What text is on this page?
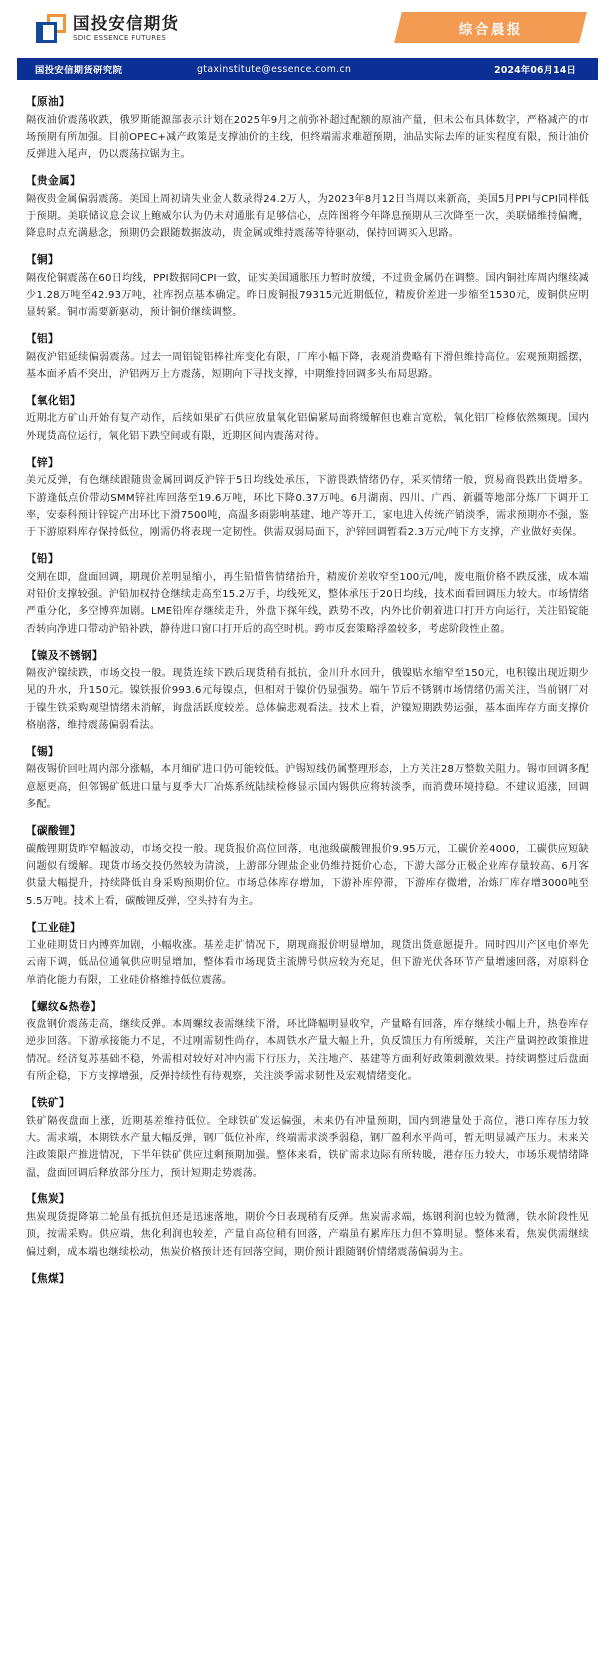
国投安信期货
SDIC ESSENCE FUTURES
综合晨报
国投安信期货研究院	gtaxinstitute@essence.com.cn	2024年06月14日
【原油】
隔夜油价震荡收跌，俄罗斯能源部表示计划在2025年9月之前弥补超过配额的原油产量，但未公布具体数字，严格减产的市场预期有所加强。目前OPEC+减产政策是支撑油价的主线，但终端需求难超预期，油品实际去库的证实程度有限，预计油价反弹进入尾声，仍以震荡拉锯为主。
【贵金属】
隔夜贵金属偏弱震荡。美国上周初请失业金人数录得24.2万人，为2023年8月12日当周以来新高，美国5月PPI与CPI同样低于预期。美联储议息会议上鲍威尔认为仍未对通胀有足够信心，点阵图将今年降息预期从三次降至一次，美联储维持偏鹰，降息时点充满悬念，预期仍会跟随数据波动，贵金属或维持震荡等待驱动，保持回调买入思路。
【铜】
隔夜伦铜震荡在60日均线，PPI数据同CPI一致，证实美国通胀压力暂时放缓，不过贵金属仍在调整。国内铜社库周内继续减少1.28万吨至42.93万吨，社库拐点基本确定。昨日废铜报79315元近期低位，精废价差进一步缩至1530元，废铜供应明显转紧。铜市需要新驱动，预计铜价继续调整。
【铝】
隔夜沪铝延续偏弱震荡。过去一周铝锭铝棒社库变化有限，厂库小幅下降，表观消费略有下滑但维持高位。宏观预期摇摆，基本面矛盾不突出，沪铝两万上方震荡，短期向下寻找支撑，中期维持回调多头布局思路。
【氧化铝】
近期北方矿山开始有复产动作，后续如果矿石供应放量氧化铝偏紧局面将缓解但也难言宽松，氧化铝厂检修依然频现。国内外现货高位运行，氧化铝下跌空间或有限，近期区间内震荡对待。
【锌】
美元反弹，有色继续跟随贵金属回调反沪锌于5日均线处承压，下游畏跌情绪仍存，采买情绪一般，贸易商畏跌出货增多。下游逢低点价带动SMM锌社库回落至19.6万吨，环比下降0.37万吨。6月湖南、四川、广西、新疆等地部分炼厂下调开工率，安泰科预计锌锭产出环比下滑7500吨，高温多雨影响基建、地产等开工，家电进入传统产销淡季，需求预期亦不强，鉴于下游原料库存保持低位，刚需仍将表现一定韧性。供需双弱局面下，沪锌回调暂看2.3万元/吨下方支撑，产业做好卖保。
【铅】
交割在即，盘面回调，期现价差明显缩小，再生铅惜售情绪抬升，精废价差收窄至100元/吨，废电瓶价格不跌反涨，成本端对铅价支撑较强。沪铅加权持仓继续走高至15.2万手，均线死叉，整体承压于20日均线，技术面看回调压力较大。市场情绪严重分化，多空博弈加剧。LME铅库存继续走升，外盘下探年线，跌势不改，内外比价朝着进口打开方向运行，关注铅锭能否转向净进口带动沪铅补跌，静待进口窗口打开后的高空时机。跨市反套策略浮盈较多，考虑阶段性止盈。
【镍及不锈钢】
隔夜沪镍续跌，市场交投一般。现货连续下跌后现货稍有抵抗，金川升水回升，俄镍贴水缩窄至150元，电积镍出现近期少见的升水，升150元。镍铁报价993.6元每镍点，但相对于镍价仍显强势。端午节后不锈钢市场情绪仍需关注，当前钢厂对于镍生铁采购观望情绪未消解，询盘活跃度较差。总体偏悲观看法。技术上看，沪镍短期跌势运强，基本面库存方面支撑价格崩落，维持震荡偏弱看法。
【锡】
隔夜锡价回吐周内部分涨幅，本月缅矿进口仍可能较低。沪锡短线仍属整理形态，上方关注28万整数关阻力。锡市回调多配意愿更高，但邻锡矿低进口量与夏季大厂冶炼系统陆续检修显示国内锡供应将转淡季，而消费环境持稳。不建议追涨，回调多配。
【碳酸锂】
碳酸锂期货昨窄幅波动，市场交投一般。现货报价高位回落，电池级碳酸锂报价9.95万元，工碳价差4000，工碳供应短缺问题似有缓解。现货市场交投仍然较为清淡，上游部分锂盐企业仍维持挺价心态，下游大部分正极企业库存量较高、6月客供量大幅提升，持续降低自身采购预期价位。市场总体库存增加，下游补库停滞，下游库存微增，冶炼厂库存增3000吨至5.5万吨。技术上看，碳酸锂反弹，空头持有为主。
【工业硅】
工业硅期货日内博弈加剧，小幅收涨。基差走扩情况下，期现商报价明显增加，现货出货意愿提升。同时四川产区电价率先云南下调，低品位通氧供应明显增加，整体看市场现货主流牌号供应较为充足，但下游光伏各环节产量增速回落，对原料仓单消化能力有限，工业硅价格维持低位震荡。
【螺纹&热卷】
夜盘钢价震荡走高，继续反弹。本周螺纹表需继续下滑，环比降幅明显收窄，产量略有回落，库存继续小幅上升，热卷库存逆步回落。下游承接能力不足，不过刚需韧性尚存，本周铁水产量大幅上升，负反馈压力有所缓解，关注产量调控政策推进情况。经济复苏基础不稳，外需相对较好对冲内需下行压力，关注地产、基建等方面利好政策刺激效果。持续调整过后盘面有所企稳，下方支撑增强，反弹持续性有待观察，关注淡季需求韧性及宏观情绪变化。
【铁矿】
铁矿隔夜盘面上涨，近期基差维持低位。全球铁矿发运偏强，未来仍有冲量预期，国内到港量处于高位，港口库存压力较大。需求端，本期铁水产量大幅反弹，钢厂低位补库，终端需求淡季弱稳，钢厂盈利水平尚可，暂无明显减产压力。未来关注政策限产推进情况，下半年铁矿供应过剩预期加强。整体来看，铁矿需求边际有所转暖，港存压力较大，市场乐观情绪降温，盘面回调后释放部分压力，预计短期走势震荡。
【焦炭】
焦炭现货提降第二轮虽有抵抗但还是迅速落地，期价今日表现稍有反弹。焦炭需求端，炼钢利润也较为微薄，铁水阶段性见顶，按需采购。供应端，焦化利润也较差，产量自高位稍有回落，产端虽有累库压力但不算明显。整体来看，焦炭供需继续偏过剩，成本端也继续松动，焦炭价格预计还有回落空间，期价预计跟随钢价情绪震荡偏弱为主。
【焦煤】
